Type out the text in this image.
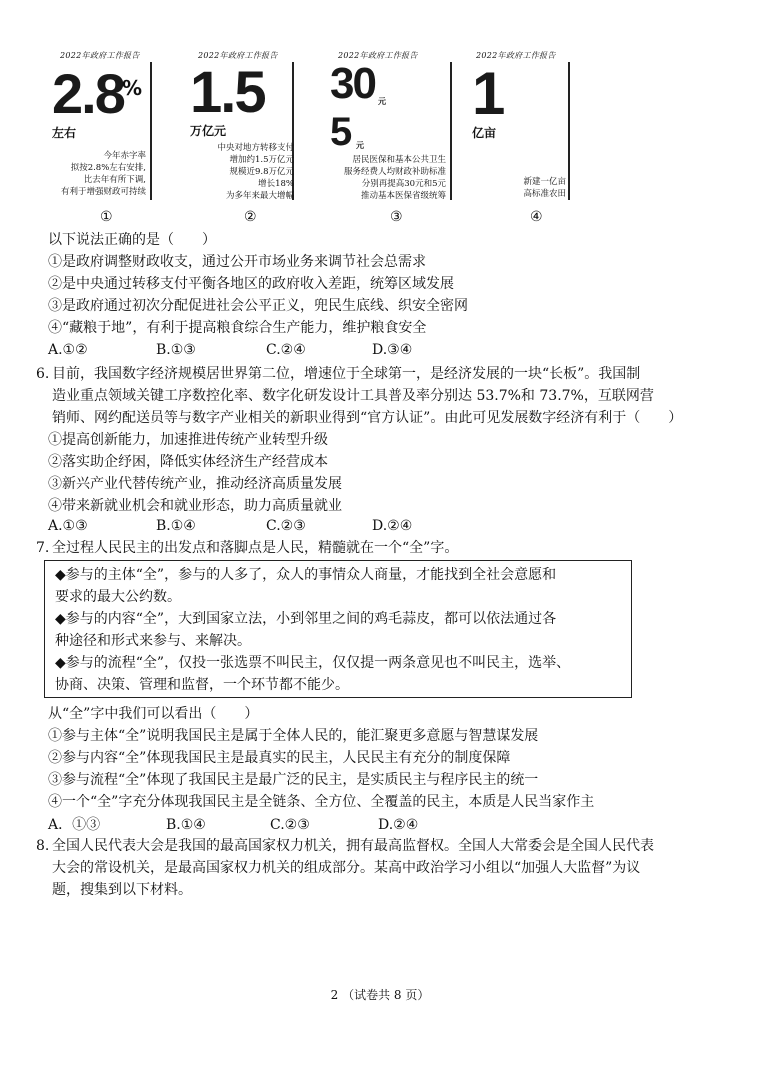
2022年政府工作报告
2.8
%
左右
今年赤字率
拟按2.8%左右安排,
比去年有所下调,
有利于增强财政可持续
①
2022年政府工作报告
1.5
万亿元
中央对地方转移支付
增加约1.5万亿元
规模近9.8万亿元
增长18%
为多年来最大增幅
②
2022年政府工作报告
30 元
5 元
居民医保和基本公共卫生
服务经费人均财政补助标准
分别再提高30元和5元
推动基本医保省级统筹
③
2022年政府工作报告
1
亿亩
新建一亿亩
高标准农田
④
以下说法正确的是（　　）
①是政府调整财政收支，通过公开市场业务来调节社会总需求
②是中央通过转移支付平衡各地区的政府收入差距，统筹区域发展
③是政府通过初次分配促进社会公平正义，兜民生底线、织安全密网
④“藏粮于地”，有利于提高粮食综合生产能力，维护粮食安全
A.①②	B.①③	C.②④	D.③④
6. 目前，我国数字经济规模居世界第二位，增速位于全球第一，是经济发展的一块“长板”。我国制
造业重点领域关键工序数控化率、数字化研发设计工具普及率分别达 53.7%和 73.7%，互联网营
销师、网约配送员等与数字产业相关的新职业得到“官方认证”。由此可见发展数字经济有利于（　　）
①提高创新能力，加速推进传统产业转型升级
②落实助企纾困，降低实体经济生产经营成本
③新兴产业代替传统产业，推动经济高质量发展
④带来新就业机会和就业形态，助力高质量就业
A.①③	B.①④	C.②③	D.②④
7. 全过程人民民主的出发点和落脚点是人民，精髓就在一个“全”字。

◆参与的主体“全”，参与的人多了，众人的事情众人商量，才能找到全社会意愿和

要求的最大公约数。

◆参与的内容“全”，大到国家立法，小到邻里之间的鸡毛蒜皮，都可以依法通过各

种途径和形式来参与、来解决。

◆参与的流程“全”，仅投一张选票不叫民主，仅仅提一两条意见也不叫民主，选举、

协商、决策、管理和监督，一个环节都不能少。

从“全”字中我们可以看出（　　）
①参与主体“全”说明我国民主是属于全体人民的，能汇聚更多意愿与智慧谋发展
②参与内容“全”体现我国民主是最真实的民主，人民民主有充分的制度保障
③参与流程“全”体现了我国民主是最广泛的民主，是实质民主与程序民主的统一
④一个“全”字充分体现我国民主是全链条、全方位、全覆盖的民主，本质是人民当家作主
A．①③	B.①④	C.②③	D.②④
8. 全国人民代表大会是我国的最高国家权力机关，拥有最高监督权。全国人大常委会是全国人民代表
大会的常设机关，是最高国家权力机关的组成部分。某高中政治学习小组以“加强人大监督”为议
题，搜集到以下材料。
2 （试卷共 8 页）
